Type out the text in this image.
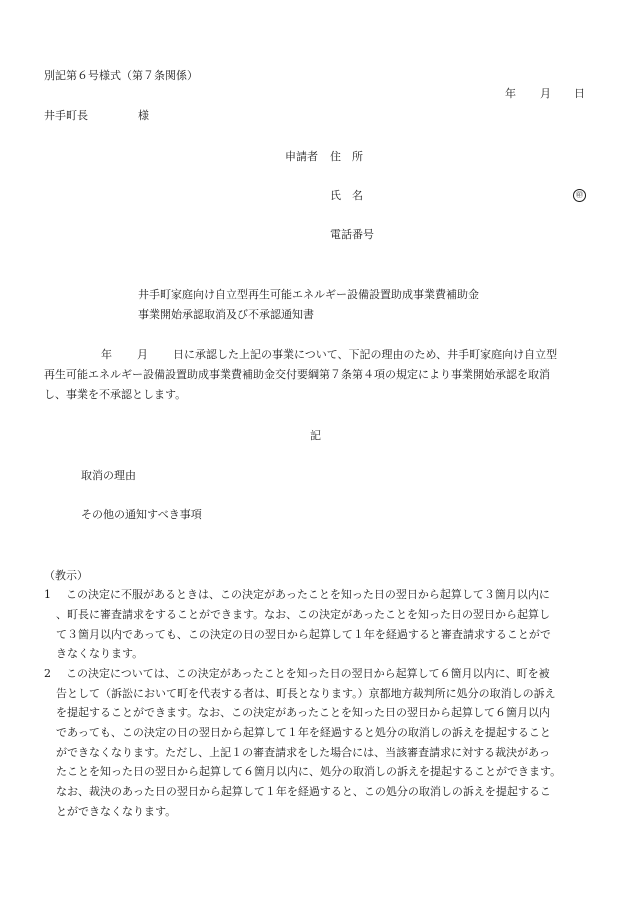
別記第６号様式（第７条関係）
年 月 日
井手町長	様
申請者 住　所
氏　名	㊞
電話番号
井手町家庭向け自立型再生可能エネルギー設備設置助成事業費補助金
事業開始承認取消及び不承認通知書
年 月 日に承認した上記の事業について、下記の理由のため、井手町家庭向け自立型
再生可能エネルギー設備設置助成事業費補助金交付要綱第７条第４項の規定により事業開始承認を取消
し、事業を不承認とします。
記
取消の理由
その他の通知すべき事項
（教示）
1 この決定に不服があるときは、この決定があったことを知った日の翌日から起算して３箇月以内に
、町長に審査請求をすることができます。なお、この決定があったことを知った日の翌日から起算し
て３箇月以内であっても、この決定の日の翌日から起算して１年を経過すると審査請求することがで
きなくなります。
2 この決定については、この決定があったことを知った日の翌日から起算して６箇月以内に、町を被
告として（訴訟において町を代表する者は、町長となります。）京都地方裁判所に処分の取消しの訴え
を提起することができます。なお、この決定があったことを知った日の翌日から起算して６箇月以内
であっても、この決定の日の翌日から起算して１年を経過すると処分の取消しの訴えを提起すること
ができなくなります。ただし、上記１の審査請求をした場合には、当該審査請求に対する裁決があっ
たことを知った日の翌日から起算して６箇月以内に、処分の取消しの訴えを提起することができます。
なお、裁決のあった日の翌日から起算して１年を経過すると、この処分の取消しの訴えを提起するこ
とができなくなります。
